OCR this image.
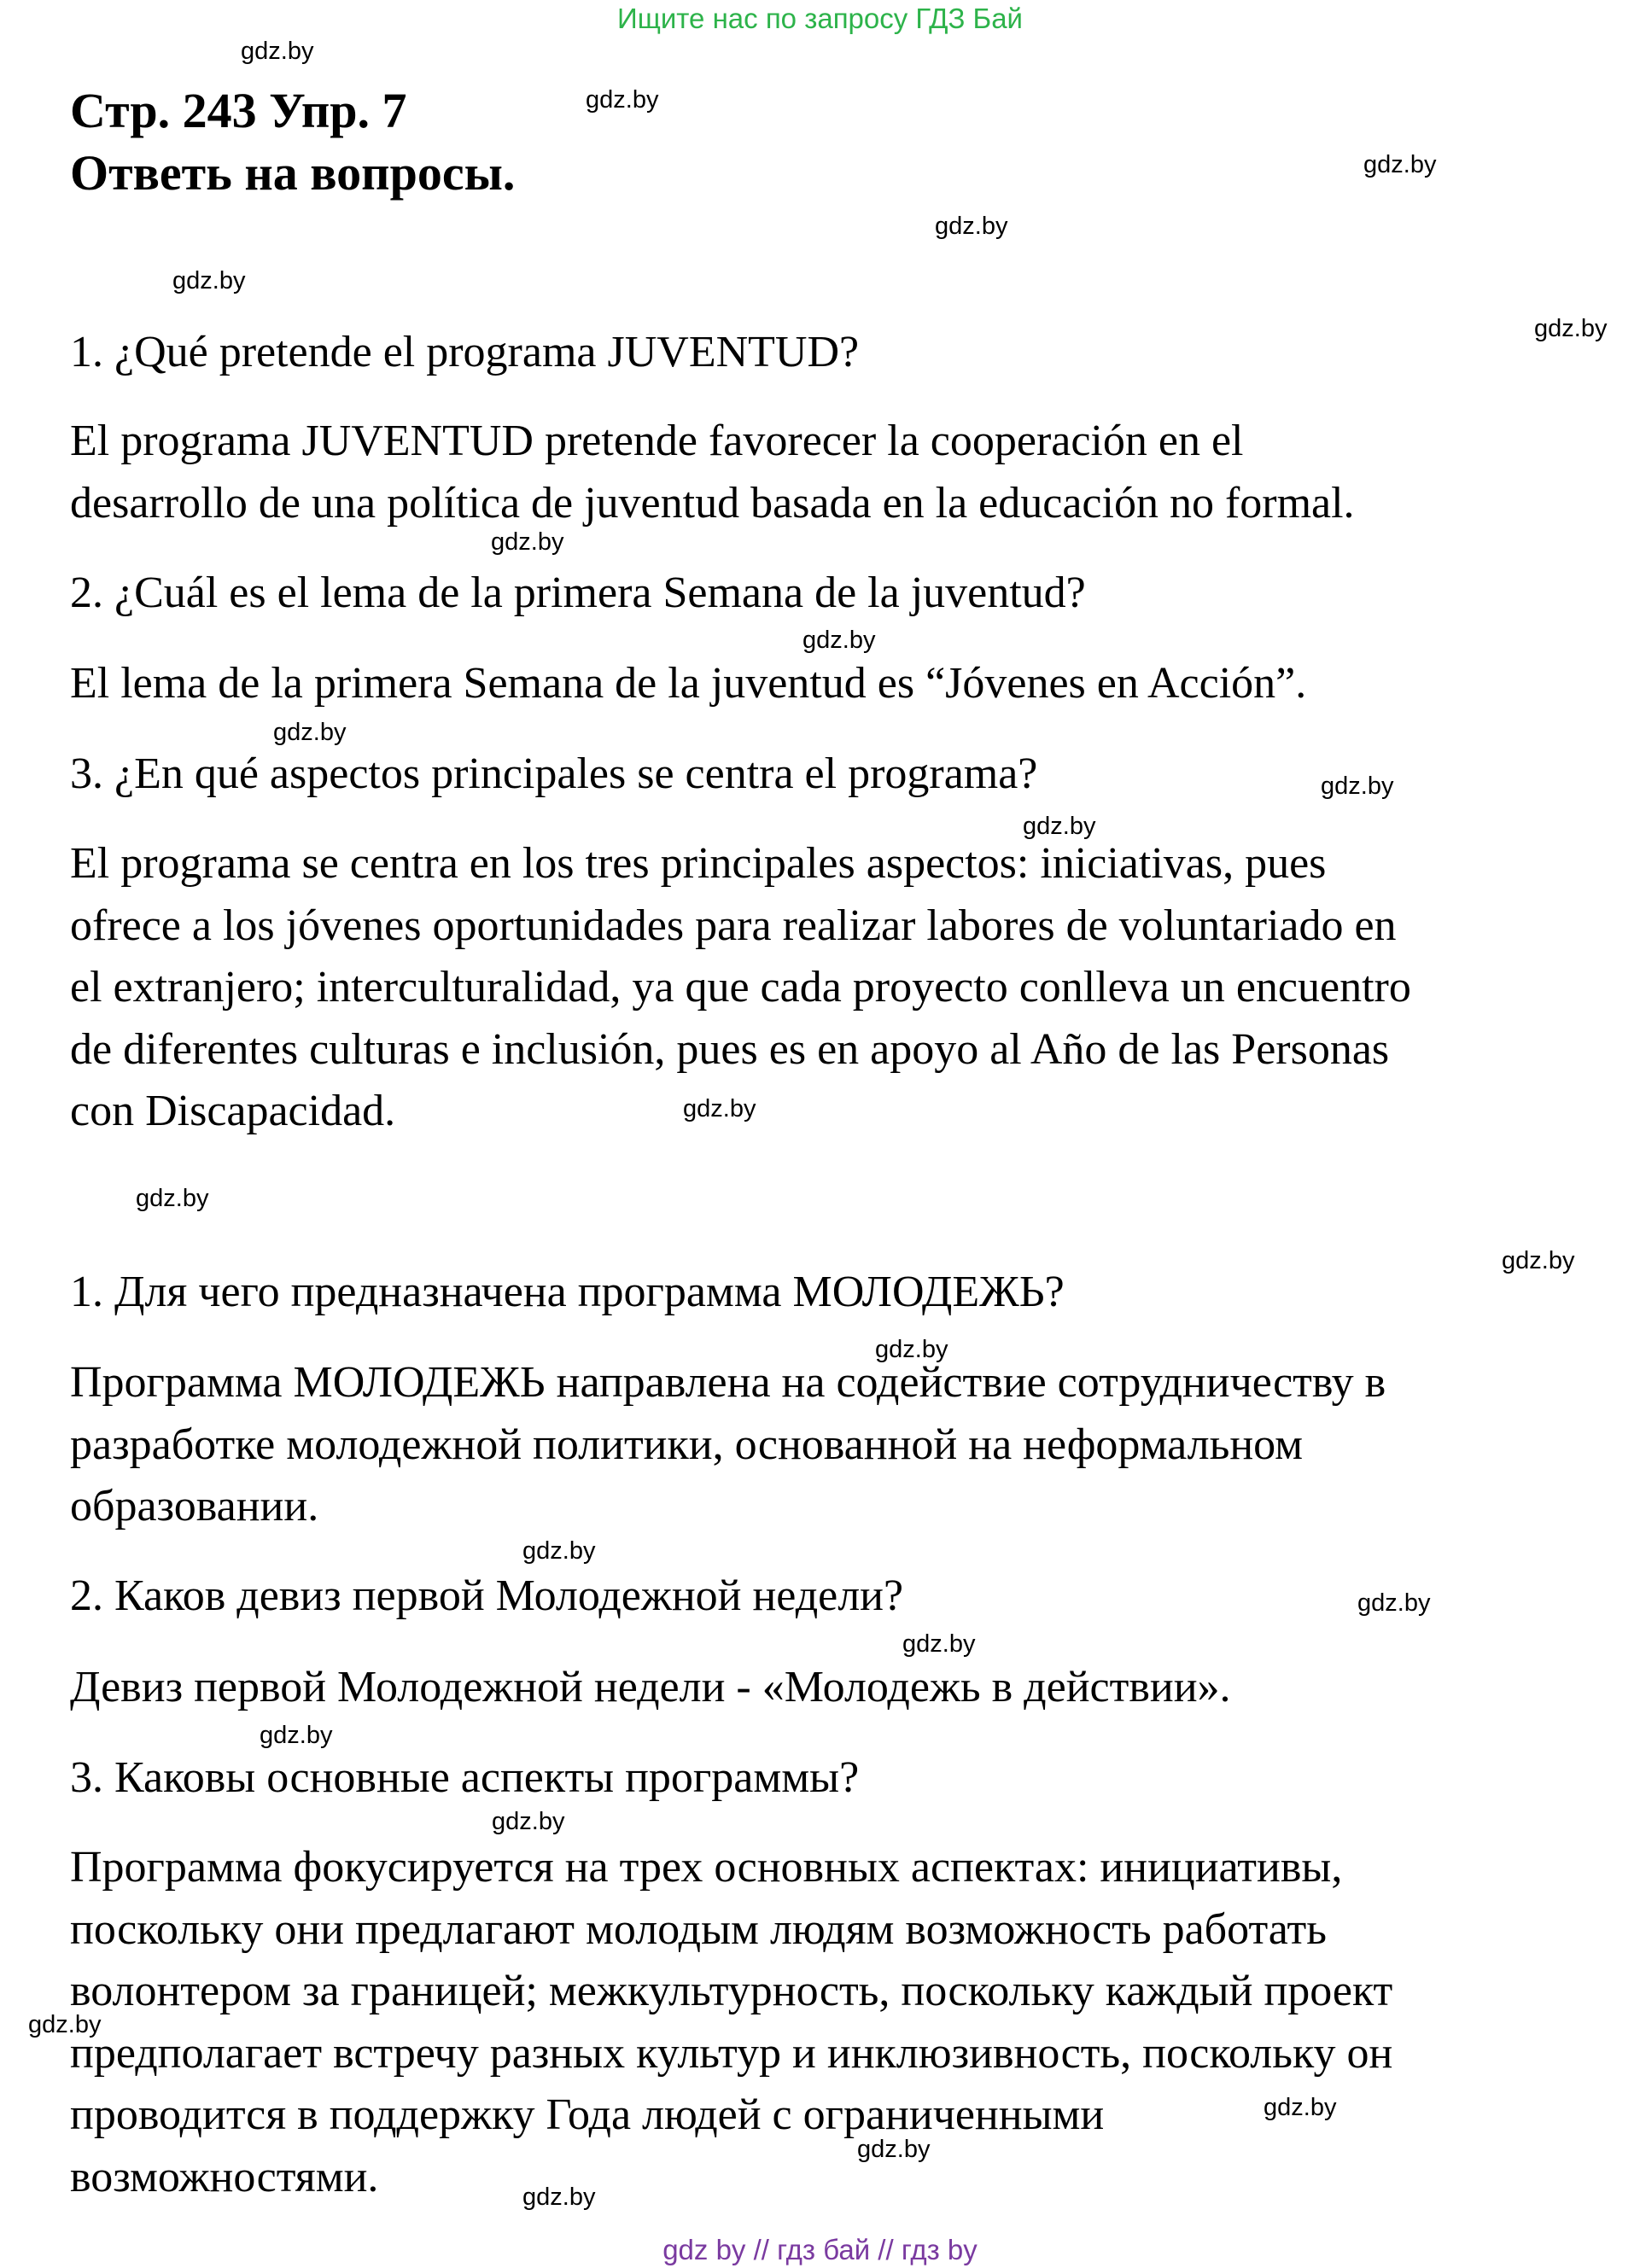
Ищите нас по запросу ГДЗ Бай
Стр. 243 Упр. 7
Ответь на вопросы.
1. ¿Qué pretende el programa JUVENTUD?
El programa JUVENTUD pretende favorecer la cooperación en el
desarrollo de una política de juventud basada en la educación no formal.
2. ¿Cuál es el lema de la primera Semana de la juventud?
El lema de la primera Semana de la juventud es “Jóvenes en Acción”.
3. ¿En qué aspectos principales se centra el programa?
El programa se centra en los tres principales aspectos: iniciativas, pues
ofrece a los jóvenes oportunidades para realizar labores de voluntariado en
el extranjero; interculturalidad, ya que cada proyecto conlleva un encuentro
de diferentes culturas e inclusión, pues es en apoyo al Año de las Personas
con Discapacidad.
1. Для чего предназначена программа МОЛОДЕЖЬ?
Программа МОЛОДЕЖЬ направлена на содействие сотрудничеству в
разработке молодежной политики, основанной на неформальном
образовании.
2. Каков девиз первой Молодежной недели?
Девиз первой Молодежной недели - «Молодежь в действии».
3. Каковы основные аспекты программы?
Программа фокусируется на трех основных аспектах: инициативы,
поскольку они предлагают молодым людям возможность работать
волонтером за границей; межкультурность, поскольку каждый проект
предполагает встречу разных культур и инклюзивность, поскольку он
проводится в поддержку Года людей с ограниченными
возможностями.
gdz.by
gdz.by
gdz.by
gdz.by
gdz.by
gdz.by
gdz.by
gdz.by
gdz.by
gdz.by
gdz.by
gdz.by
gdz.by
gdz.by
gdz.by
gdz.by
gdz.by
gdz.by
gdz.by
gdz.by
gdz.by
gdz.by
gdz.by
gdz.by
gdz by // гдз бай // гдз by
